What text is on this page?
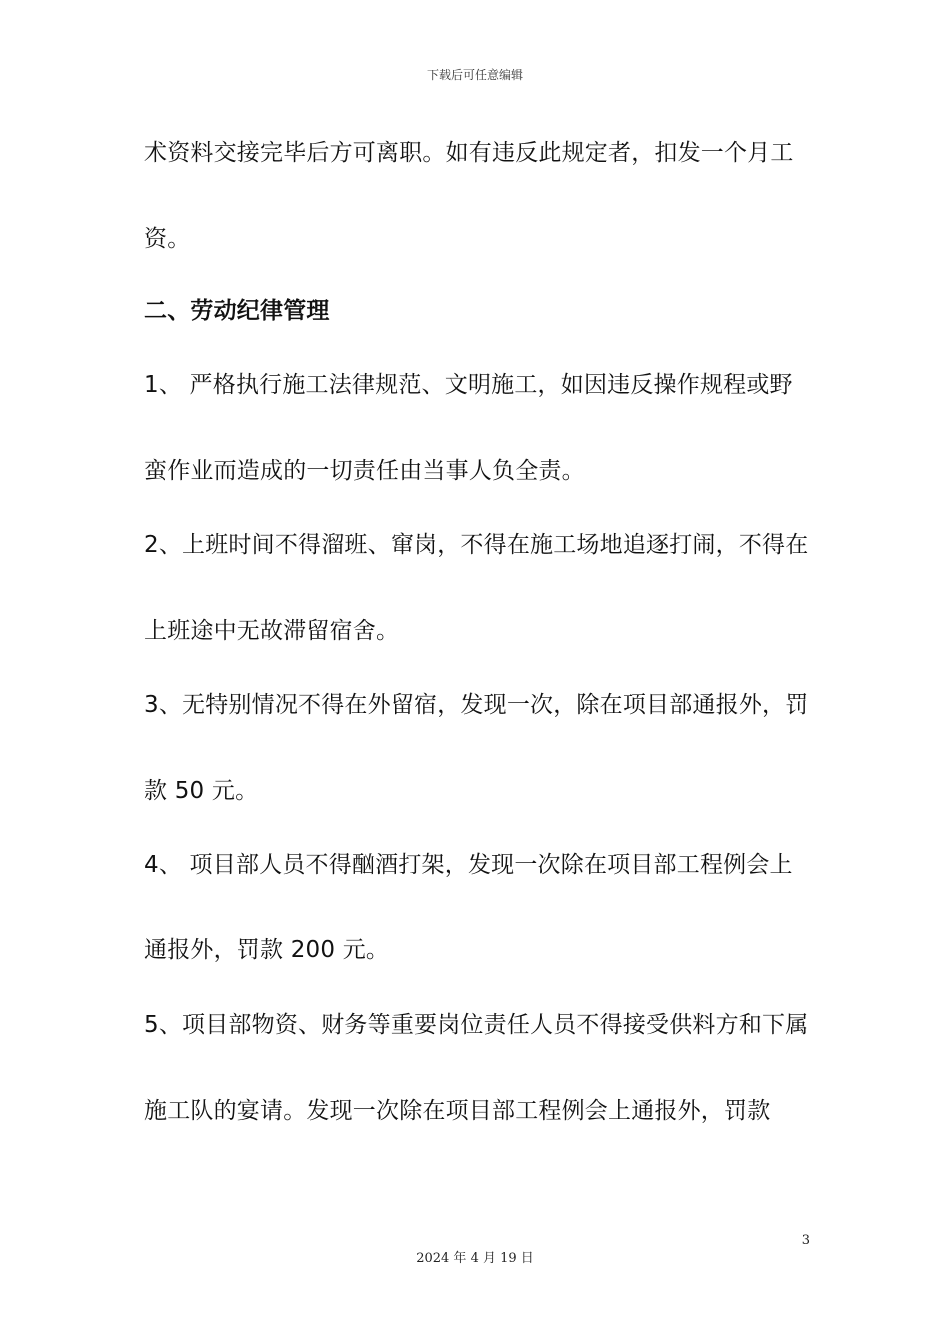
下载后可任意编辑
术资料交接完毕后方可离职。如有违反此规定者，扣发一个月工
资。
二、劳动纪律管理
1、 严格执行施工法律规范、文明施工，如因违反操作规程或野
蛮作业而造成的一切责任由当事人负全责。
2、上班时间不得溜班、窜岗，不得在施工场地追逐打闹，不得在
上班途中无故滞留宿舍。
3、无特别情况不得在外留宿，发现一次，除在项目部通报外，罚
款 50 元。
4、 项目部人员不得酗酒打架，发现一次除在项目部工程例会上
通报外，罚款 200 元。
5、项目部物资、财务等重要岗位责任人员不得接受供料方和下属
施工队的宴请。发现一次除在项目部工程例会上通报外，罚款
3
2024 年 4 月 19 日
